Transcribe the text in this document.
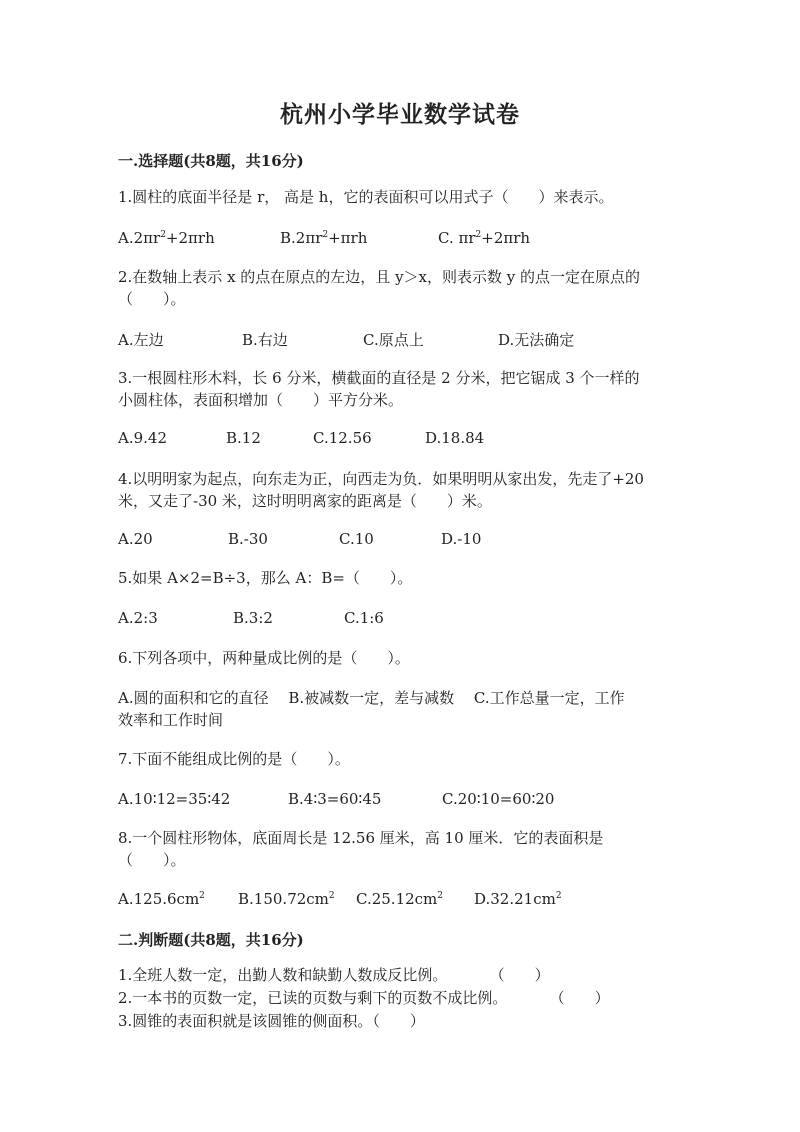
杭州小学毕业数学试卷
一.选择题(共8题，共16分)
1.圆柱的底面半径是 r， 高是 h，它的表面积可以用式子（　　）来表示。
$A.2\pi r^2+2\pi rh$	$B.2\pi r^2+\pi rh$	C. $\pi r^2+2\pi rh$
2.在数轴上表示 x 的点在原点的左边，且 y＞x，则表示数 y 的点一定在原点的
（　　）。
A.左边	B.右边	C.原点上	D.无法确定
3.一根圆柱形木料，长 6 分米，横截面的直径是 2 分米，把它锯成 3 个一样的
小圆柱体，表面积增加（　　）平方分米。
A.9.42	B.12	C.12.56	D.18.84
4.以明明家为起点，向东走为正，向西走为负．如果明明从家出发，先走了+20
米，又走了-30 米，这时明明离家的距离是（　　）米。
A.20	B.-30	C.10	D.-10
5.如果 A×2=B÷3，那么 A：B=（　　）。
A.2:3	B.3:2	C.1:6
6.下列各项中，两种量成比例的是（　　）。
A.圆的面积和它的直径　 B.被减数一定，差与减数　 C.工作总量一定，工作
效率和工作时间
7.下面不能组成比例的是（　　）。
A.10∶12=35∶42	B.4∶3=60∶45	C.20∶10=60∶20
8.一个圆柱形物体，底面周长是 12.56 厘米，高 10 厘米．它的表面积是
（　　）。
$A.125.6cm^2$ $B.150.72cm^2$ $C.25.12cm^2$ $D.32.21cm^2$
二.判断题(共8题，共16分)
1.全班人数一定，出勤人数和缺勤人数成反比例。　　　 （　　）
2.一本书的页数一定，已读的页数与剩下的页数不成比例。　　　 （　　）
3.圆锥的表面积就是该圆锥的侧面积。（　　）
